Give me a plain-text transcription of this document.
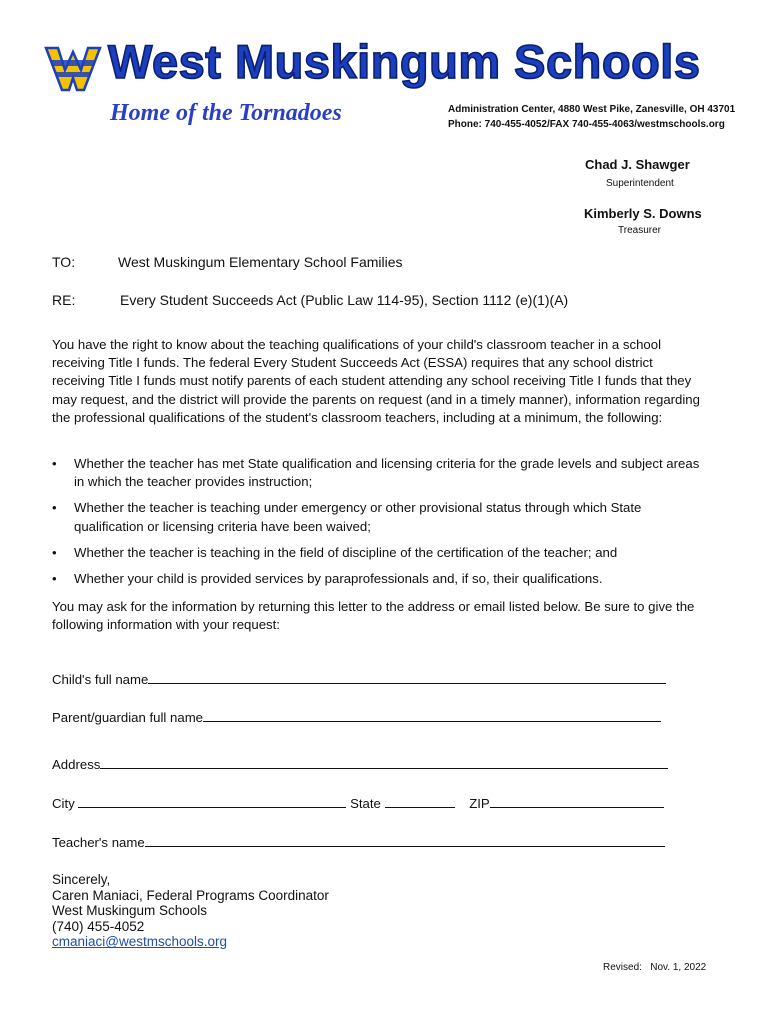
West Muskingum Schools
Home of the Tornadoes	Administration Center, 4880 West Pike, Zanesville, OH 43701
Phone: 740-455-4052/FAX 740-455-4063/westmschools.org
Chad J. Shawger
Superintendent
Kimberly S. Downs
Treasurer
TO:	West Muskingum Elementary School Families
RE:	Every Student Succeeds Act (Public Law 114-95), Section 1112 (e)(1)(A)
You have the right to know about the teaching qualifications of your child's classroom teacher in a school receiving Title I funds. The federal Every Student Succeeds Act (ESSA) requires that any school district receiving Title I funds must notify parents of each student attending any school receiving Title I funds that they may request, and the district will provide the parents on request (and in a timely manner), information regarding the professional qualifications of the student's classroom teachers, including at a minimum, the following:
• Whether the teacher has met State qualification and licensing criteria for the grade levels and subject areas in which the teacher provides instruction;
• Whether the teacher is teaching under emergency or other provisional status through which State qualification or licensing criteria have been waived;
• Whether the teacher is teaching in the field of discipline of the certification of the teacher; and
• Whether your child is provided services by paraprofessionals and, if so, their qualifications.
You may ask for the information by returning this letter to the address or email listed below. Be sure to give the following information with your request:
Child's full name
Parent/guardian full name
Address
City	State	ZIP
Teacher's name
Sincerely,
Caren Maniaci, Federal Programs Coordinator
West Muskingum Schools
(740) 455-4052
cmaniaci@westmschools.org
Revised:   Nov. 1, 2022
